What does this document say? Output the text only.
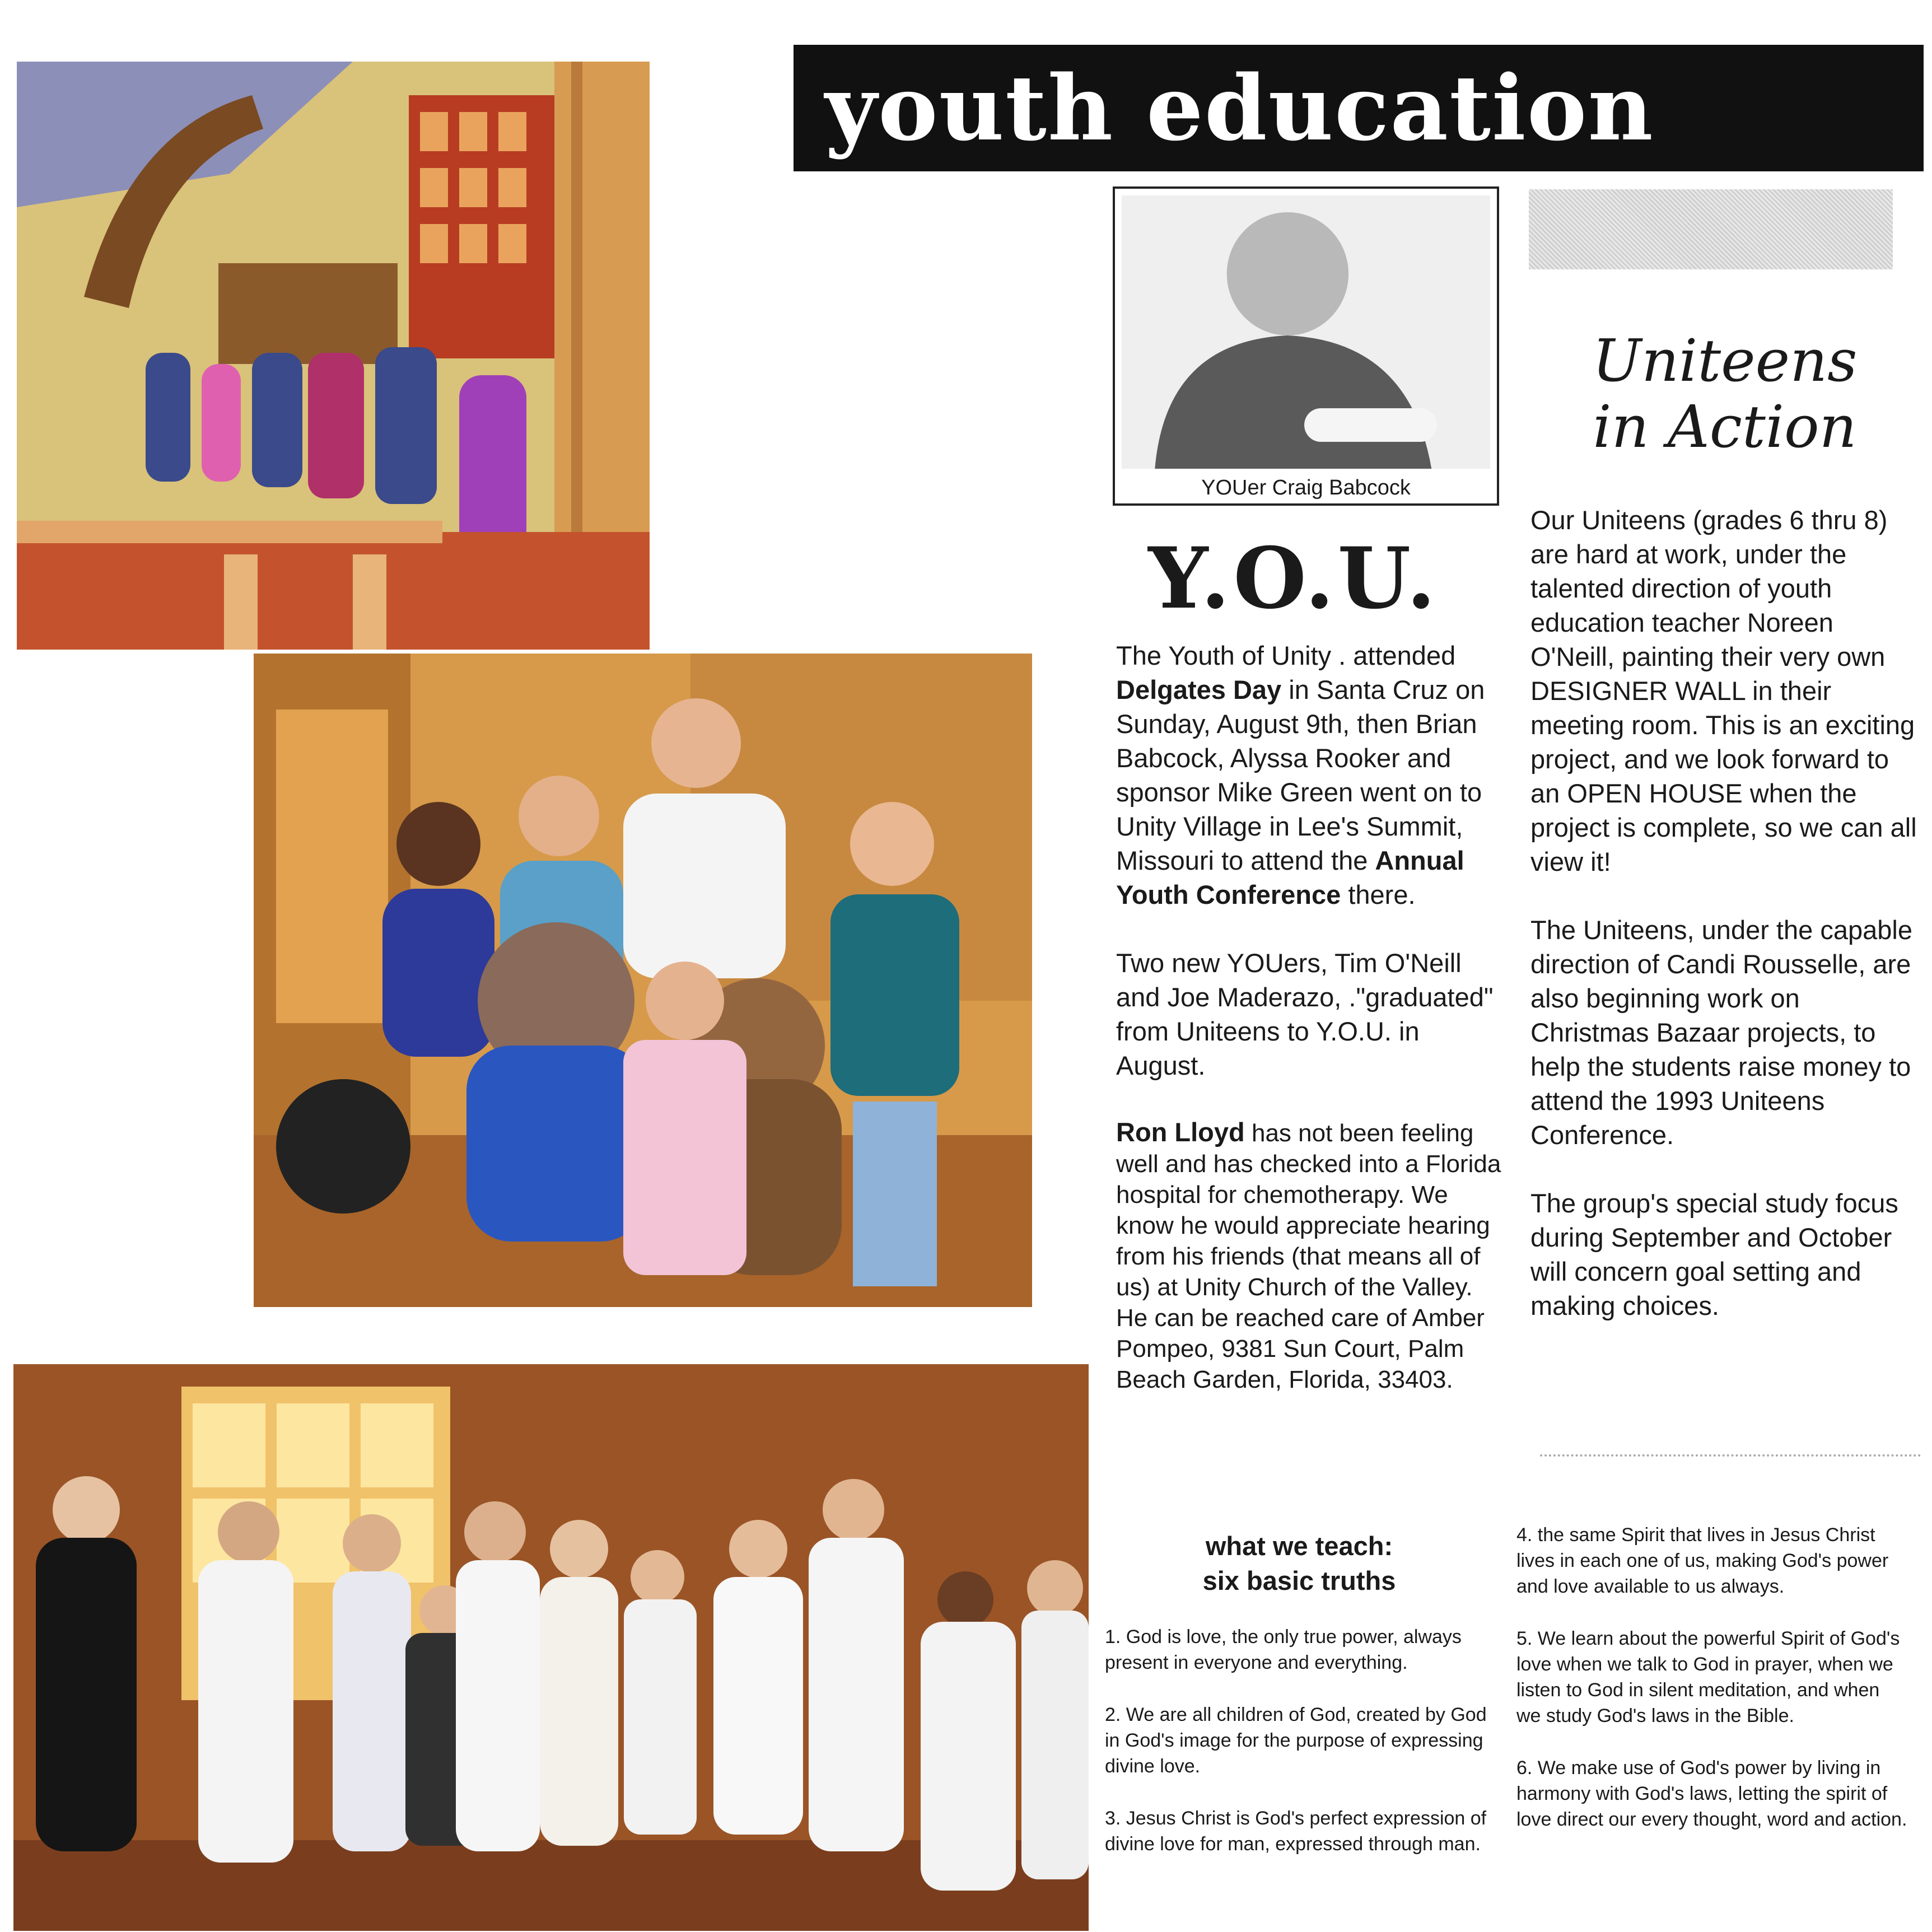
youth education
YOUer Craig Babcock
Y.O.U.

The Youth of Unity . attended Delgates Day in Santa Cruz on Sunday, August 9th, then Brian Babcock, Alyssa Rooker and sponsor Mike Green went on to Unity Village in Lee's Summit, Missouri to attend the Annual Youth Conference there.

Two new YOUers, Tim O'Neill and Joe Maderazo, ."graduated" from Uniteens to Y.O.U. in August.

Ron Lloyd has not been feeling well and has checked into a Florida hospital for chemotherapy. We know he would appreciate hearing from his friends (that means all of us) at Unity Church of the Valley. He can be reached care of Amber Pompeo, 9381 Sun Court, Palm Beach Garden, Florida, 33403.

Uniteens
in Action

Our Uniteens (grades 6 thru 8) are hard at work, under the talented direction of youth education teacher Noreen O'Neill, painting their very own DESIGNER WALL in their meeting room. This is an exciting project, and we look forward to an OPEN HOUSE when the project is complete, so we can all view it!

The Uniteens, under the capable direction of Candi Rousselle, are also beginning work on Christmas Bazaar projects, to help the students raise money to attend the 1993 Uniteens Conference.

The group's special study focus during September and October will concern goal setting and making choices.

what we teach:
six basic truths

1. God is love, the only true power, always present in everyone and everything.

2. We are all children of God, created by God in God's image for the purpose of expressing divine love.

3. Jesus Christ is God's perfect expression of divine love for man, expressed through man.

4. the same Spirit that lives in Jesus Christ lives in each one of us, making God's power and love available to us always.

5. We learn about the powerful Spirit of God's love when we talk to God in prayer, when we listen to God in silent meditation, and when we study God's laws in the Bible.

6. We make use of God's power by living in harmony with God's laws, letting the spirit of love direct our every thought, word and action.
